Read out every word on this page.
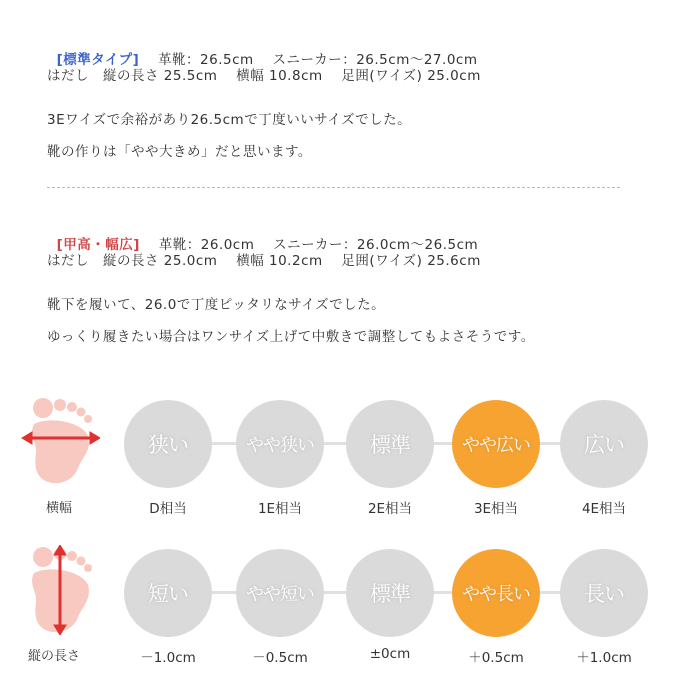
[標準タイプ]　 革靴：26.5cm　 スニーカー：26.5cm～27.0cm

はだし　縦の長さ 25.5cm　 横幅 10.8cm　 足囲(ワイズ) 25.0cm
3Eワイズで余裕があり26.5cmで丁度いいサイズでした。
靴の作りは「やや大きめ」だと思います。

[甲高・幅広]　 革靴：26.0cm　 スニーカー：26.0cm～26.5cm

はだし　縦の長さ 25.0cm　 横幅 10.2cm　 足囲(ワイズ) 25.6cm
靴下を履いて、26.0で丁度ピッタリなサイズでした。
ゆっくり履きたい場合はワンサイズ上げて中敷きで調整してもよさそうです。
横幅
狭い
D相当
やや狭い
1E相当
標準
2E相当
やや広い
3E相当
広い
4E相当
縦の長さ
短い
－1.0cm
やや短い
－0.5cm
標準
±0cm
やや長い
＋0.5cm
長い
＋1.0cm
